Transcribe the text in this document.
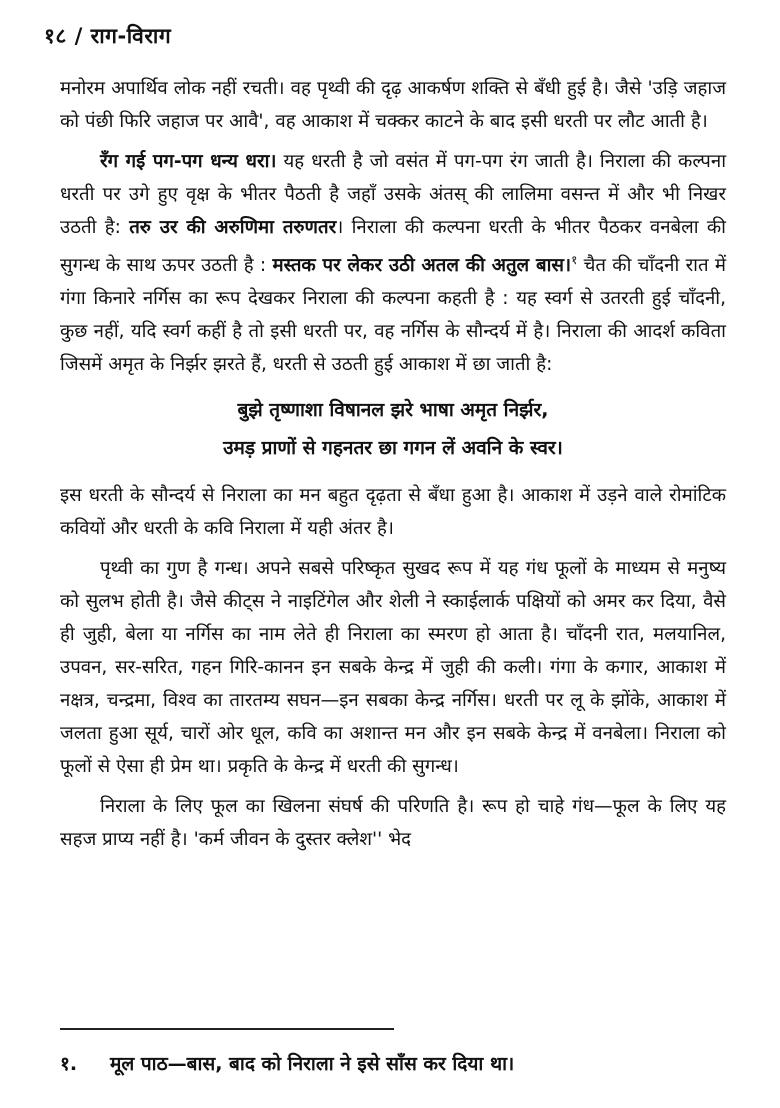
१८ / राग-विराग

मनोरम अपार्थिव लोक नहीं रचती। वह पृथ्वी की दृढ़ आकर्षण शक्ति से बँधी हुई है। जैसे 'उड़ि जहाज को पंछी फिरि जहाज पर आवै', वह आकाश में चक्कर काटने के बाद इसी धरती पर लौट आती है।

रँग गई पग-पग धन्य धरा। यह धरती है जो वसंत में पग-पग रंग जाती है। निराला की कल्पना धरती पर उगे हुए वृक्ष के भीतर पैठती है जहाँ उसके अंतस् की लालिमा वसन्त में और भी निखर उठती है: तरु उर की अरुणिमा तरुणतर। निराला की कल्पना धरती के भीतर पैठकर वनबेला की सुगन्ध के साथ ऊपर उठती है : मस्तक पर लेकर उठी अतल की अतुल बास।$^१$ चैत की चाँदनी रात में गंगा किनारे नर्गिस का रूप देखकर निराला की कल्पना कहती है : यह स्वर्ग से उतरती हुई चाँदनी, कुछ नहीं, यदि स्वर्ग कहीं है तो इसी धरती पर, वह नर्गिस के सौन्दर्य में है। निराला की आदर्श कविता जिसमें अमृत के निर्झर झरते हैं, धरती से उठती हुई आकाश में छा जाती है:

बुझे तृष्णाशा विषानल झरे भाषा अमृत निर्झर,
उमड़ प्राणों से गहनतर छा गगन लें अवनि के स्वर।

इस धरती के सौन्दर्य से निराला का मन बहुत दृढ़ता से बँधा हुआ है। आकाश में उड़ने वाले रोमांटिक कवियों और धरती के कवि निराला में यही अंतर है।

पृथ्वी का गुण है गन्ध। अपने सबसे परिष्कृत सुखद रूप में यह गंध फूलों के माध्यम से मनुष्य को सुलभ होती है। जैसे कीट्स ने नाइटिंगेल और शेली ने स्काईलार्क पक्षियों को अमर कर दिया, वैसे ही जुही, बेला या नर्गिस का नाम लेते ही निराला का स्मरण हो आता है। चाँदनी रात, मलयानिल, उपवन, सर-सरित, गहन गिरि-कानन इन सबके केन्द्र में जुही की कली। गंगा के कगार, आकाश में नक्षत्र, चन्द्रमा, विश्व का तारतम्य सघन—इन सबका केन्द्र नर्गिस। धरती पर लू के झोंके, आकाश में जलता हुआ सूर्य, चारों ओर धूल, कवि का अशान्त मन और इन सबके केन्द्र में वनबेला। निराला को फूलों से ऐसा ही प्रेम था। प्रकृति के केन्द्र में धरती की सुगन्ध।

निराला के लिए फूल का खिलना संघर्ष की परिणति है। रूप हो चाहे गंध—फूल के लिए यह सहज प्राप्य नहीं है। 'कर्म जीवन के दुस्तर क्लेश'' भेद

१. मूल पाठ—बास, बाद को निराला ने इसे साँस कर दिया था।
